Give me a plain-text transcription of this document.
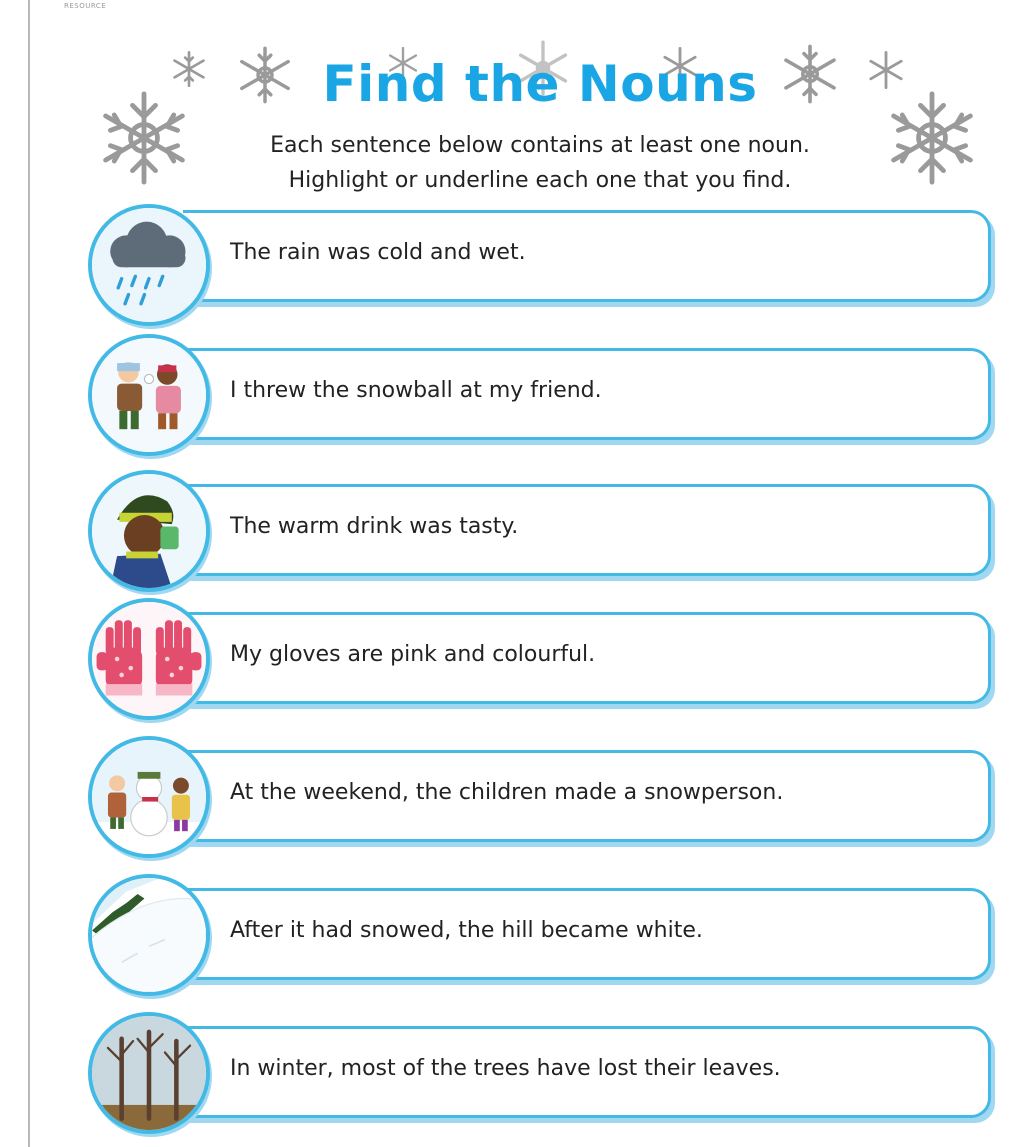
RESOURCE
Find the Nouns
Each sentence below contains at least one noun.
Highlight or underline each one that you find.
The rain was cold and wet.
I threw the snowball at my friend.
The warm drink was tasty.
My gloves are pink and colourful.
At the weekend, the children made a snowperson.
After it had snowed, the hill became white.
In winter, most of the trees have lost their leaves.
